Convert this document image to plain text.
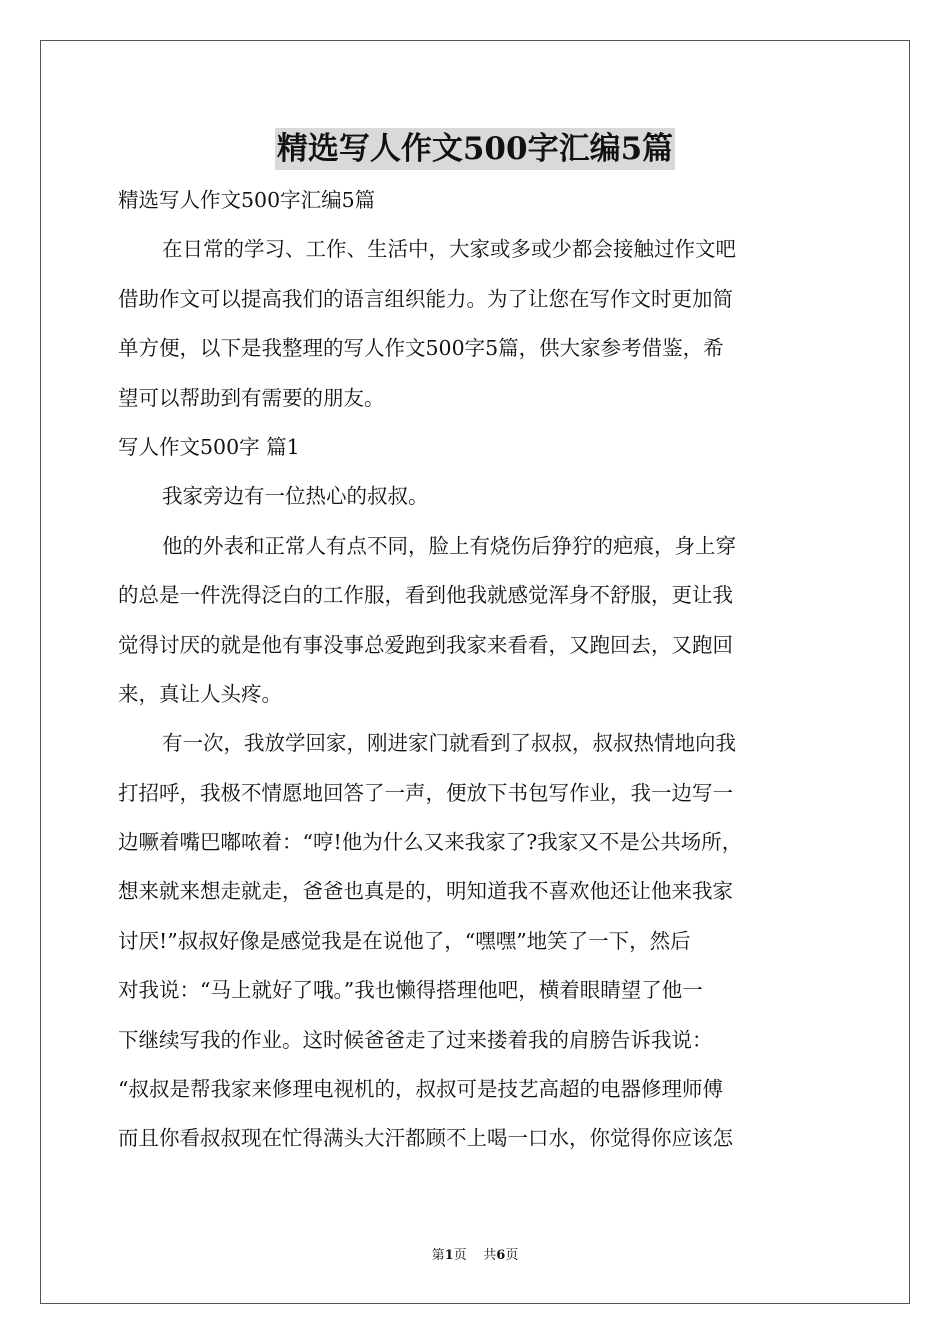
精选写人作文500字汇编5篇
精选写人作文500字汇编5篇
在日常的学习、工作、生活中，大家或多或少都会接触过作文吧
借助作文可以提高我们的语言组织能力。为了让您在写作文时更加简
单方便，以下是我整理的写人作文500字5篇，供大家参考借鉴，希
望可以帮助到有需要的朋友。
写人作文500字 篇1
我家旁边有一位热心的叔叔。
他的外表和正常人有点不同，脸上有烧伤后狰狞的疤痕，身上穿
的总是一件洗得泛白的工作服，看到他我就感觉浑身不舒服，更让我
觉得讨厌的就是他有事没事总爱跑到我家来看看，又跑回去，又跑回
来，真让人头疼。
有一次，我放学回家，刚进家门就看到了叔叔，叔叔热情地向我
打招呼，我极不情愿地回答了一声，便放下书包写作业，我一边写一
边噘着嘴巴嘟哝着：“哼!他为什么又来我家了?我家又不是公共场所，
想来就来想走就走，爸爸也真是的，明知道我不喜欢他还让他来我家
讨厌!”叔叔好像是感觉我是在说他了，“嘿嘿”地笑了一下，然后
对我说：“马上就好了哦。”我也懒得搭理他吧，横着眼睛望了他一
下继续写我的作业。这时候爸爸走了过来搂着我的肩膀告诉我说：
“叔叔是帮我家来修理电视机的，叔叔可是技艺高超的电器修理师傅
而且你看叔叔现在忙得满头大汗都顾不上喝一口水，你觉得你应该怎
第1页 共6页
